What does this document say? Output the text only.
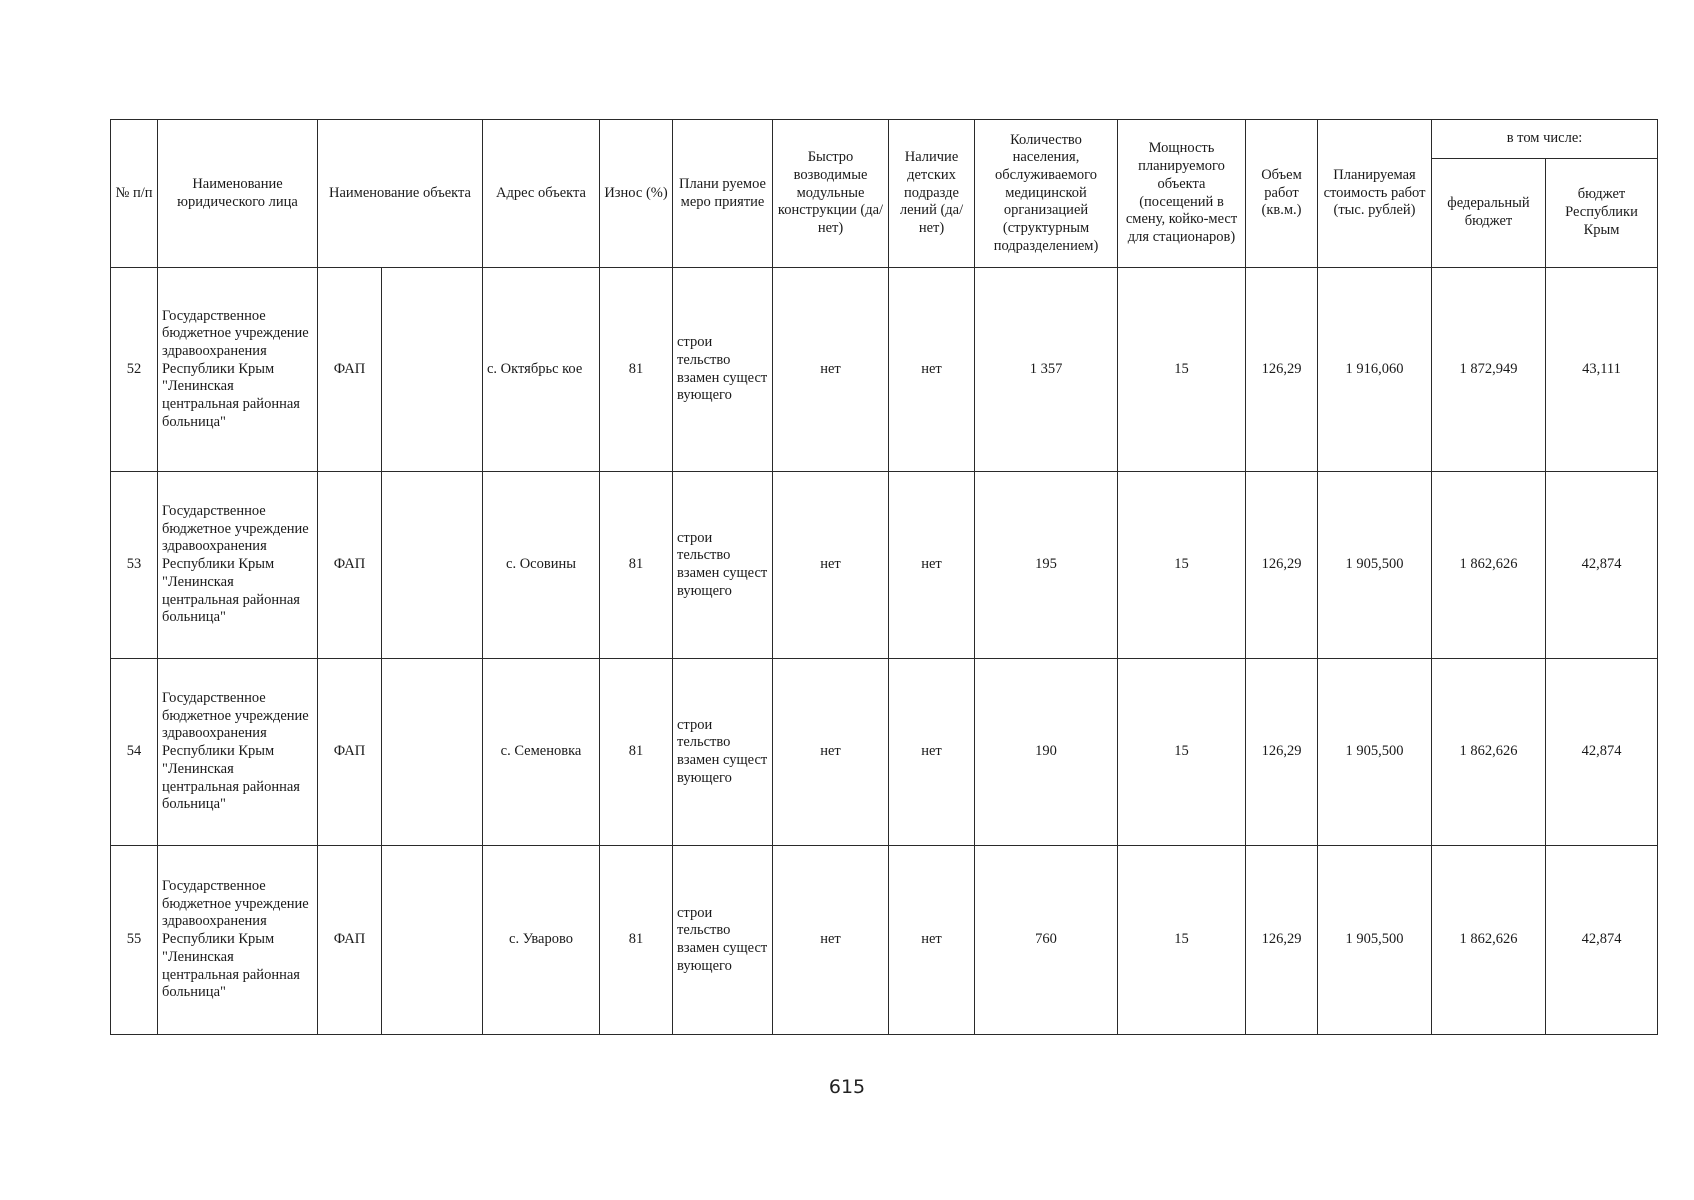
№ п/п	Наименование юридического лица	Наименование объекта		Адрес объекта	Износ (%)	Плани руемое меро приятие	Быстро возводимые модульные конструкции (да/нет)	Наличие детских подразде лений (да/нет)	Количество населения, обслуживаемого медицинской организацией (структурным подразделением)	Мощность планируемого объекта (посещений в смену, койко-мест для стационаров)	Объем работ (кв.м.)	Планируемая стоимость работ (тыс. рублей)	в том числе:	
													федеральный бюджет	бюджет Республики Крым
52	Государственное бюджетное учреждение здравоохранения Республики Крым "Ленинская центральная районная больница"	ФАП		с. Октябрьс кое	81	строи тельство взамен сущест вующего	нет	нет	1 357	15	126,29	1 916,060	1 872,949	43,111
53	Государственное бюджетное учреждение здравоохранения Республики Крым "Ленинская центральная районная больница"	ФАП		с. Осовины	81	строи тельство взамен сущест вующего	нет	нет	195	15	126,29	1 905,500	1 862,626	42,874
54	Государственное бюджетное учреждение здравоохранения Республики Крым "Ленинская центральная районная больница"	ФАП		с. Семеновка	81	строи тельство взамен сущест вующего	нет	нет	190	15	126,29	1 905,500	1 862,626	42,874
55	Государственное бюджетное учреждение здравоохранения Республики Крым "Ленинская центральная районная больница"	ФАП		с. Уварово	81	строи тельство взамен сущест вующего	нет	нет	760	15	126,29	1 905,500	1 862,626	42,874
615
